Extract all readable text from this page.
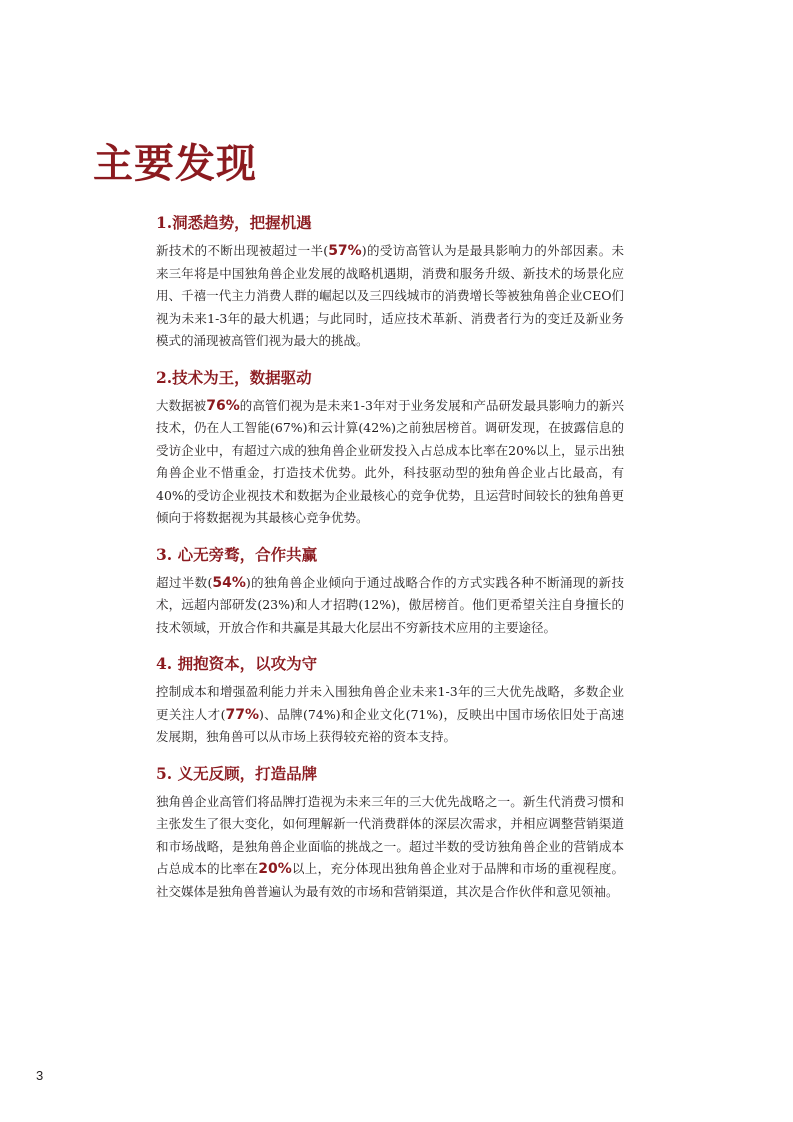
主要发现
1.洞悉趋势，把握机遇

新技术的不断出现被超过一半(57%)的受访高管认为是最具影响力的外部因素。未来三年将是中国独角兽企业发展的战略机遇期，消费和服务升级、新技术的场景化应用、千禧一代主力消费人群的崛起以及三四线城市的消费增长等被独角兽企业CEO们视为未来1-3年的最大机遇；与此同时，适应技术革新、消费者行为的变迁及新业务模式的涌现被高管们视为最大的挑战。

2.技术为王，数据驱动

大数据被76%的高管们视为是未来1-3年对于业务发展和产品研发最具影响力的新兴技术，仍在人工智能(67%)和云计算(42%)之前独居榜首。调研发现，在披露信息的受访企业中，有超过六成的独角兽企业研发投入占总成本比率在20%以上，显示出独角兽企业不惜重金，打造技术优势。此外，科技驱动型的独角兽企业占比最高，有40%的受访企业视技术和数据为企业最核心的竞争优势，且运营时间较长的独角兽更倾向于将数据视为其最核心竞争优势。

3. 心无旁骛，合作共赢

超过半数(54%)的独角兽企业倾向于通过战略合作的方式实践各种不断涌现的新技术，远超内部研发(23%)和人才招聘(12%)，傲居榜首。他们更希望关注自身擅长的技术领域，开放合作和共赢是其最大化层出不穷新技术应用的主要途径。

4. 拥抱资本，以攻为守

控制成本和增强盈利能力并未入围独角兽企业未来1-3年的三大优先战略，多数企业更关注人才(77%)、品牌(74%)和企业文化(71%)，反映出中国市场依旧处于高速发展期，独角兽可以从市场上获得较充裕的资本支持。

5. 义无反顾，打造品牌

独角兽企业高管们将品牌打造视为未来三年的三大优先战略之一。新生代消费习惯和主张发生了很大变化，如何理解新一代消费群体的深层次需求，并相应调整营销渠道和市场战略，是独角兽企业面临的挑战之一。超过半数的受访独角兽企业的营销成本占总成本的比率在20%以上，充分体现出独角兽企业对于品牌和市场的重视程度。社交媒体是独角兽普遍认为最有效的市场和营销渠道，其次是合作伙伴和意见领袖。

3
